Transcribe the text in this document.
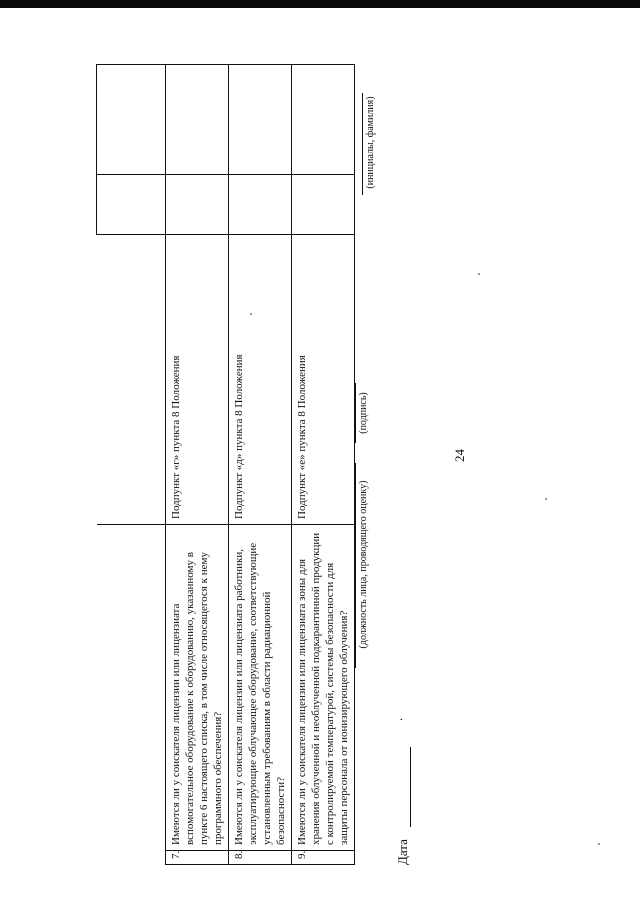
24

7.	Имеются ли у соискателя лицензии или лицензиата вспомогательное оборудование к оборудованию, указанному в пункте 6 настоящего списка, в том числе относящегося к нему программного обеспечения?	Подпункт «г» пункта 8 Положения		
8.	Имеются ли у соискателя лицензии или лицензиата работники, эксплуатирующие облучающее оборудование, соответствующие установленным требованиям в области радиационной безопасности?	Подпункт «д» пункта 8 Положения		
9.	Имеются ли у соискателя лицензии или лицензиата зоны для хранения облученной и необлученной подкарантинной продукции с контролируемой температурой, системы безопасности для защиты персонала от ионизирующего облучения?	Подпункт «е» пункта 8 Положения		
(должность лица, проводящего оценку)
(подпись)
(инициалы, фамилия)
Дата
.
